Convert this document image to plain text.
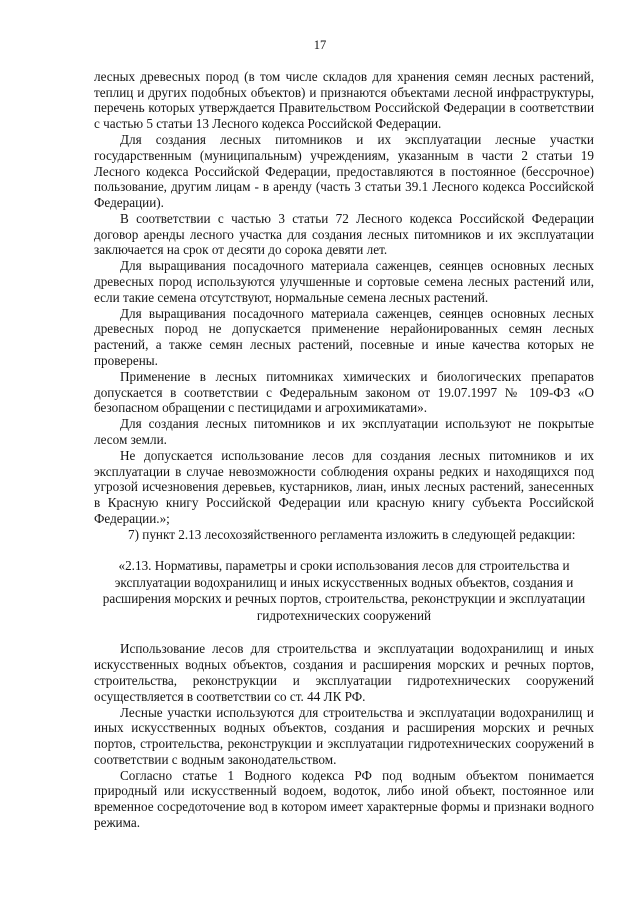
17

лесных древесных пород (в том числе складов для хранения семян лесных растений, теплиц и других подобных объектов) и признаются объектами лесной инфраструктуры, перечень которых утверждается Правительством Российской Федерации в соответствии с частью 5 статьи 13 Лесного кодекса Российской Федерации.

Для создания лесных питомников и их эксплуатации лесные участки государственным (муниципальным) учреждениям, указанным в части 2 статьи 19 Лесного кодекса Российской Федерации, предоставляются в постоянное (бессрочное) пользование, другим лицам - в аренду (часть 3 статьи 39.1 Лесного кодекса Российской Федерации).

В соответствии с частью 3 статьи 72 Лесного кодекса Российской Федерации договор аренды лесного участка для создания лесных питомников и их эксплуатации заключается на срок от десяти до сорока девяти лет.

Для выращивания посадочного материала саженцев, сеянцев основных лесных древесных пород используются улучшенные и сортовые семена лесных растений или, если такие семена отсутствуют, нормальные семена лесных растений.

Для выращивания посадочного материала саженцев, сеянцев основных лесных древесных пород не допускается применение нерайонированных семян лесных растений, а также семян лесных растений, посевные и иные качества которых не проверены.

Применение в лесных питомниках химических и биологических препаратов допускается в соответствии с Федеральным законом от 19.07.1997 № 109-ФЗ «О безопасном обращении с пестицидами и агрохимикатами».

Для создания лесных питомников и их эксплуатации используют не покрытые лесом земли.

Не допускается использование лесов для создания лесных питомников и их эксплуатации в случае невозможности соблюдения охраны редких и находящихся под угрозой исчезновения деревьев, кустарников, лиан, иных лесных растений, занесенных в Красную книгу Российской Федерации или красную книгу субъекта Российской Федерации.»;

7) пункт 2.13 лесохозяйственного регламента изложить в следующей редакции:

«2.13. Нормативы, параметры и сроки использования лесов для строительства и эксплуатации водохранилищ и иных искусственных водных объектов, создания и расширения морских и речных портов, строительства, реконструкции и эксплуатации гидротехнических сооружений

Использование лесов для строительства и эксплуатации водохранилищ и иных искусственных водных объектов, создания и расширения морских и речных портов, строительства, реконструкции и эксплуатации гидротехнических сооружений осуществляется в соответствии со ст. 44 ЛК РФ.

Лесные участки используются для строительства и эксплуатации водохранилищ и иных искусственных водных объектов, создания и расширения морских и речных портов, строительства, реконструкции и эксплуатации гидротехнических сооружений в соответствии с водным законодательством.

Согласно статье 1 Водного кодекса РФ под водным объектом понимается природный или искусственный водоем, водоток, либо иной объект, постоянное или временное сосредоточение вод в котором имеет характерные формы и признаки водного режима.
